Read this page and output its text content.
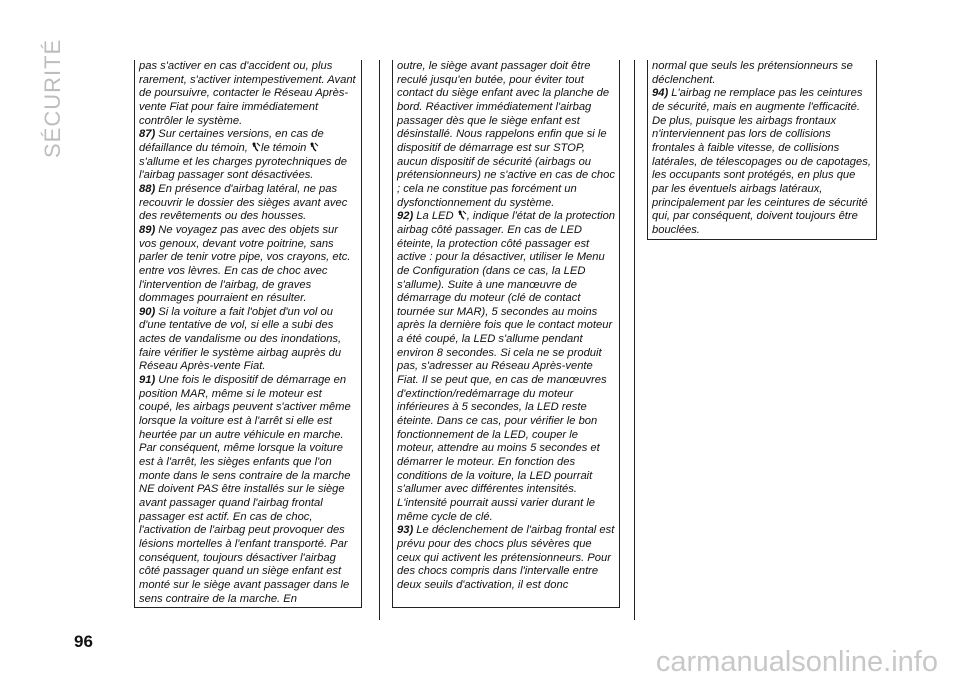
SÉCURITÉ	pas s'activer en cas d'accident ou, plus rarement, s'activer intempestivement. Avant de poursuivre, contacter le Réseau Après-vente Fiat pour faire immédiatement contrôler le système.

87) Sur certaines versions, en cas de défaillance du témoin, le témoin  s'allume et les charges pyrotechniques de l'airbag passager sont désactivées.

88) En présence d'airbag latéral, ne pas recouvrir le dossier des sièges avant avec des revêtements ou des housses.

89) Ne voyagez pas avec des objets sur vos genoux, devant votre poitrine, sans parler de tenir votre pipe, vos crayons, etc. entre vos lèvres. En cas de choc avec l'intervention de l'airbag, de graves dommages pourraient en résulter.

90) Si la voiture a fait l'objet d'un vol ou d'une tentative de vol, si elle a subi des actes de vandalisme ou des inondations, faire vérifier le système airbag auprès du Réseau Après-vente Fiat.

91) Une fois le dispositif de démarrage en position MAR, même si le moteur est coupé, les airbags peuvent s'activer même lorsque la voiture est à l'arrêt si elle est heurtée par un autre véhicule en marche. Par conséquent, même lorsque la voiture est à l'arrêt, les sièges enfants que l'on monte dans le sens contraire de la marche NE doivent PAS être installés sur le siège avant passager quand l'airbag frontal passager est actif. En cas de choc, l'activation de l'airbag peut provoquer des lésions mortelles à l'enfant transporté. Par conséquent, toujours désactiver l'airbag côté passager quand un siège enfant est monté sur le siège avant passager dans le sens contraire de la marche. En

outre, le siège avant passager doit être reculé jusqu'en butée, pour éviter tout contact du siège enfant avec la planche de bord. Réactiver immédiatement l'airbag passager dès que le siège enfant est désinstallé. Nous rappelons enfin que si le dispositif de démarrage est sur STOP, aucun dispositif de sécurité (airbags ou prétensionneurs) ne s'active en cas de choc ; cela ne constitue pas forcément un dysfonctionnement du système.

92) La LED , indique l'état de la protection airbag côté passager. En cas de LED éteinte, la protection côté passager est active : pour la désactiver, utiliser le Menu de Configuration (dans ce cas, la LED s'allume). Suite à une manœuvre de démarrage du moteur (clé de contact tournée sur MAR), 5 secondes au moins après la dernière fois que le contact moteur a été coupé, la LED s'allume pendant environ 8 secondes. Si cela ne se produit pas, s'adresser au Réseau Après-vente Fiat. Il se peut que, en cas de manœuvres d'extinction/redémarrage du moteur inférieures à 5 secondes, la LED reste éteinte. Dans ce cas, pour vérifier le bon fonctionnement de la LED, couper le moteur, attendre au moins 5 secondes et démarrer le moteur. En fonction des conditions de la voiture, la LED pourrait s'allumer avec différentes intensités. L'intensité pourrait aussi varier durant le même cycle de clé.

93) Le déclenchement de l'airbag frontal est prévu pour des chocs plus sévères que ceux qui activent les prétensionneurs. Pour des chocs compris dans l'intervalle entre deux seuils d'activation, il est donc

normal que seuls les prétensionneurs se déclenchent.

94) L'airbag ne remplace pas les ceintures de sécurité, mais en augmente l'efficacité. De plus, puisque les airbags frontaux n'interviennent pas lors de collisions frontales à faible vitesse, de collisions latérales, de télescopages ou de capotages, les occupants sont protégés, en plus que par les éventuels airbags latéraux, principalement par les ceintures de sécurité qui, par conséquent, doivent toujours être bouclées.

96
carmanualsonline.info
